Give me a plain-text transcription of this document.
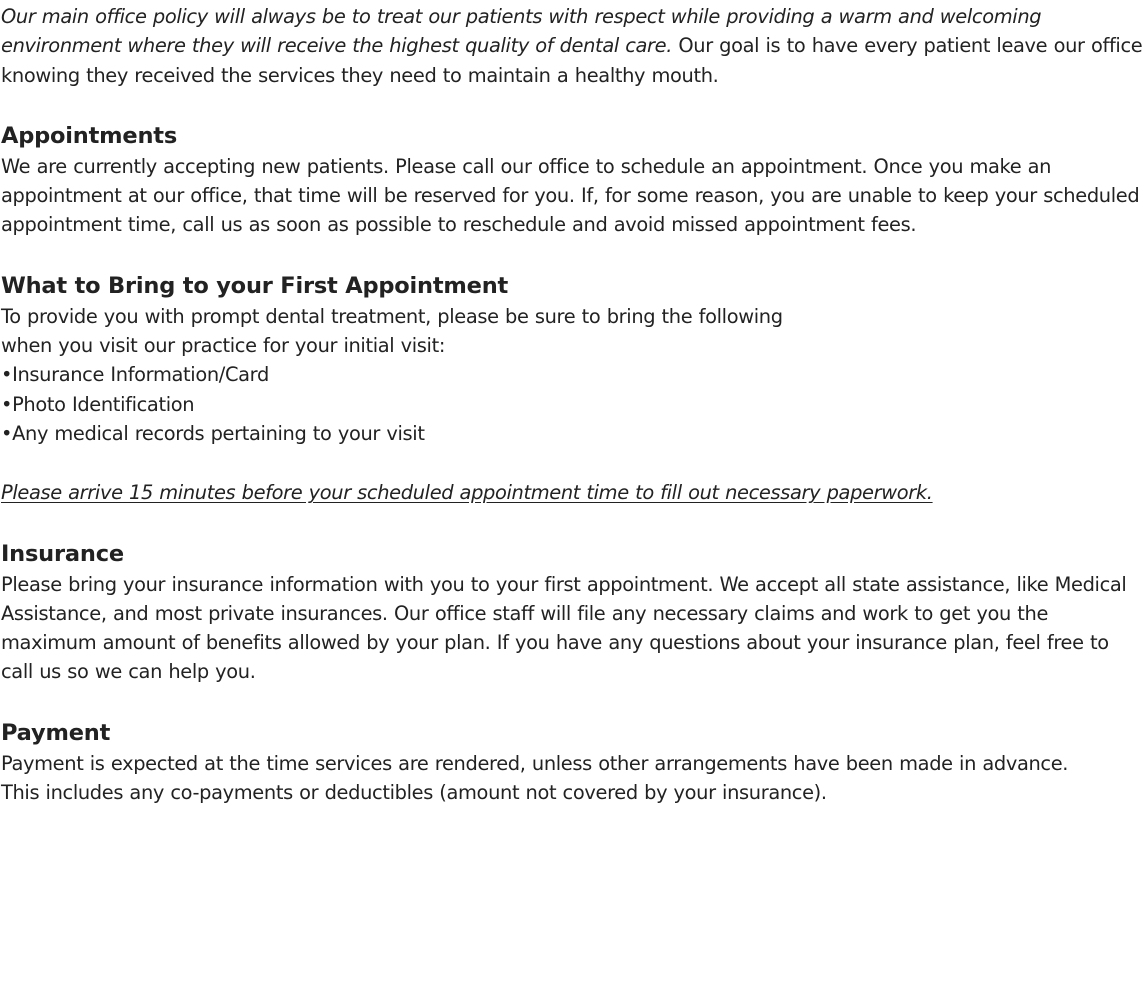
Our main office policy will always be to treat our patients with respect while providing a warm and welcoming environment where they will receive the highest quality of dental care. Our goal is to have every patient leave our office knowing they received the services they need to maintain a healthy mouth.

Appointments

We are currently accepting new patients. Please call our office to schedule an appointment. Once you make an appointment at our office, that time will be reserved for you. If, for some reason, you are unable to keep your scheduled appointment time, call us as soon as possible to reschedule and avoid missed appointment fees.

What to Bring to your First Appointment

To provide you with prompt dental treatment, please be sure to bring the following

when you visit our practice for your initial visit:

•Insurance Information/Card
•Photo Identification
•Any medical records pertaining to your visit

Please arrive 15 minutes before your scheduled appointment time to fill out necessary paperwork.

Insurance

Please bring your insurance information with you to your first appointment. We accept all state assistance, like Medical Assistance, and most private insurances. Our office staff will file any necessary claims and work to get you the maximum amount of benefits allowed by your plan. If you have any questions about your insurance plan, feel free to call us so we can help you.

Payment

Payment is expected at the time services are rendered, unless other arrangements have been made in advance.

This includes any co-payments or deductibles (amount not covered by your insurance).
